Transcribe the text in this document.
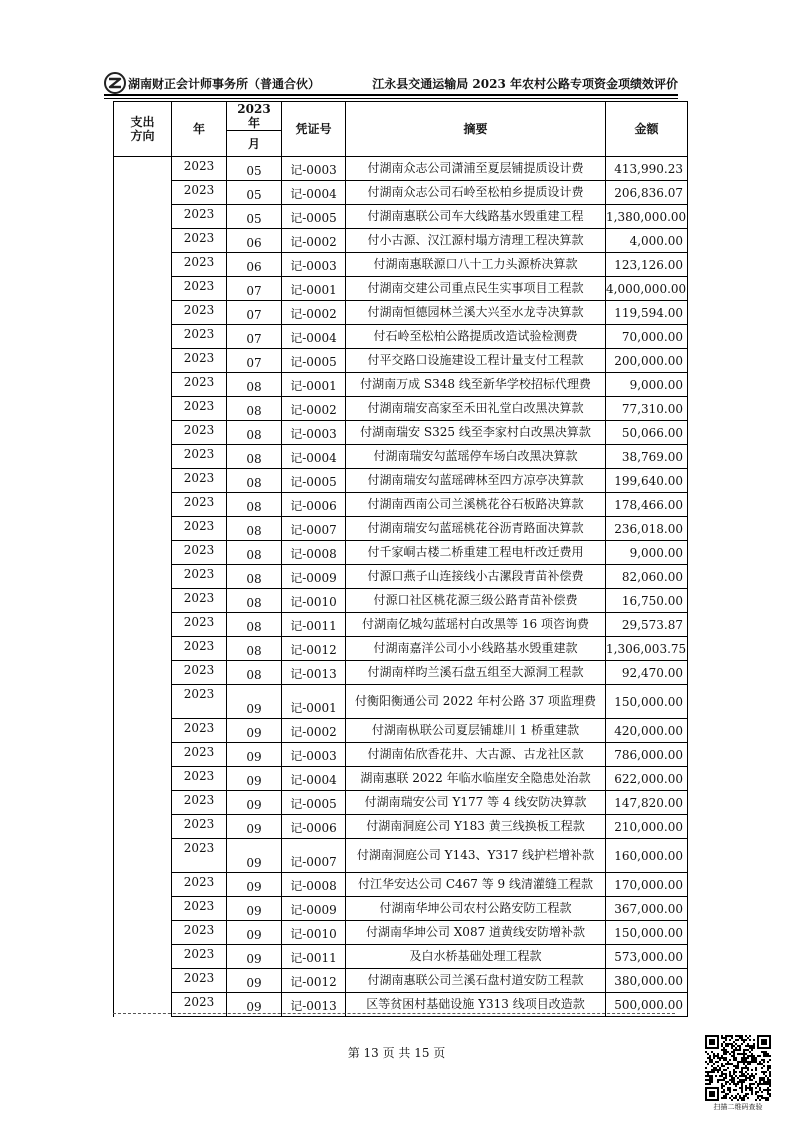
湖南财正会计师事务所（普通合伙）	江永县交通运输局 2023 年农村公路专项资金项绩效评价
支出方向	年	2023 年	凭证号	摘要	金额
		月			
	2023	05	记-0003	付湖南众志公司潇浦至夏层铺提质设计费	413,990.23
	2023	05	记-0004	付湖南众志公司石岭至松柏乡提质设计费	206,836.07
	2023	05	记-0005	付湖南惠联公司车大线路基水毁重建工程	1,380,000.00
	2023	06	记-0002	付小古源、汉江源村塌方清理工程决算款	4,000.00
	2023	06	记-0003	付湖南惠联源口八十工力头源桥决算款	123,126.00
	2023	07	记-0001	付湖南交建公司重点民生实事项目工程款	4,000,000.00
	2023	07	记-0002	付湖南恒德园林兰溪大兴至水龙寺决算款	119,594.00
	2023	07	记-0004	付石岭至松柏公路提质改造试验检测费	70,000.00
	2023	07	记-0005	付平交路口设施建设工程计量支付工程款	200,000.00
	2023	08	记-0001	付湖南万成 S348 线至新华学校招标代理费	9,000.00
	2023	08	记-0002	付湖南瑞安高家至禾田礼堂白改黑决算款	77,310.00
	2023	08	记-0003	付湖南瑞安 S325 线至李家村白改黑决算款	50,066.00
	2023	08	记-0004	付湖南瑞安勾蓝瑶停车场白改黑决算款	38,769.00
	2023	08	记-0005	付湖南瑞安勾蓝瑶碑林至四方凉亭决算款	199,640.00
	2023	08	记-0006	付湖南西南公司兰溪桃花谷石板路决算款	178,466.00
	2023	08	记-0007	付湖南瑞安勾蓝瑶桃花谷沥青路面决算款	236,018.00
	2023	08	记-0008	付千家峒古楼二桥重建工程电杆改迁费用	9,000.00
	2023	08	记-0009	付源口燕子山连接线小古漯段青苗补偿费	82,060.00
	2023	08	记-0010	付源口社区桃花源三级公路青苗补偿费	16,750.00
	2023	08	记-0011	付湖南亿城勾蓝瑶村白改黑等 16 项咨询费	29,573.87
	2023	08	记-0012	付湖南嘉洋公司小小线路基水毁重建款	1,306,003.75
	2023	08	记-0013	付湖南样昀兰溪石盘五组至大源洞工程款	92,470.00
	2023	09	记-0001	付衡阳衡通公司 2022 年村公路 37 项监理费	150,000.00
	2023	09	记-0002	付湖南枞联公司夏层铺雄川 1 桥重建款	420,000.00
	2023	09	记-0003	付湖南佑欣香花井、大古源、古龙社区款	786,000.00
	2023	09	记-0004	湖南惠联 2022 年临水临崖安全隐患处治款	622,000.00
	2023	09	记-0005	付湖南瑞安公司 Y177 等 4 线安防决算款	147,820.00
	2023	09	记-0006	付湖南洞庭公司 Y183 黄三线换板工程款	210,000.00
	2023	09	记-0007	付湖南洞庭公司 Y143、Y317 线护栏增补款	160,000.00
	2023	09	记-0008	付江华安达公司 C467 等 9 线清灌缝工程款	170,000.00
	2023	09	记-0009	付湖南华坤公司农村公路安防工程款	367,000.00
	2023	09	记-0010	付湖南华坤公司 X087 道黄线安防增补款	150,000.00
	2023	09	记-0011	及白水桥基础处理工程款	573,000.00
	2023	09	记-0012	付湖南惠联公司兰溪石盘村道安防工程款	380,000.00
	2023	09	记-0013	区等贫困村基础设施 Y313 线项目改造款	500,000.00
第 13 页 共 15 页
扫描二维码查验
